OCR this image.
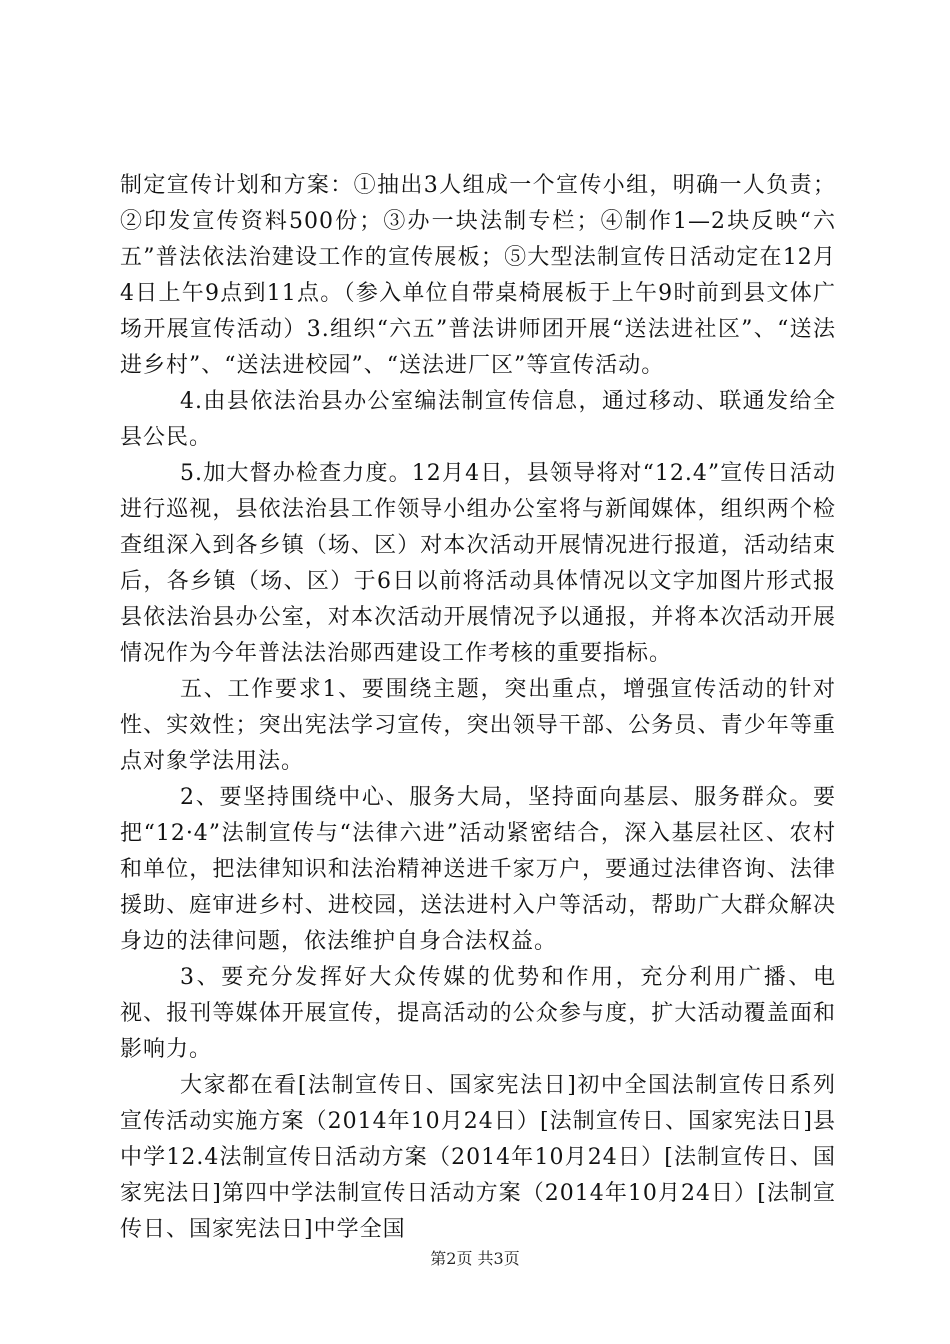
制定宣传计划和方案：①抽出3人组成一个宣传小组，明确一人负责；②印发宣传资料500份；③办一块法制专栏；④制作1—2块反映“六五”普法依法治建设工作的宣传展板；⑤大型法制宣传日活动定在12月4日上午9点到11点。（参入单位自带桌椅展板于上午9时前到县文体广场开展宣传活动）3.组织“六五”普法讲师团开展“送法进社区”、“送法进乡村”、“送法进校园”、“送法进厂区”等宣传活动。

4.由县依法治县办公室编法制宣传信息，通过移动、联通发给全县公民。

5.加大督办检查力度。12月4日，县领导将对“12.4”宣传日活动进行巡视，县依法治县工作领导小组办公室将与新闻媒体，组织两个检查组深入到各乡镇（场、区）对本次活动开展情况进行报道，活动结束后，各乡镇（场、区）于6日以前将活动具体情况以文字加图片形式报县依法治县办公室，对本次活动开展情况予以通报，并将本次活动开展情况作为今年普法法治郧西建设工作考核的重要指标。

五、工作要求1、要围绕主题，突出重点，增强宣传活动的针对性、实效性；突出宪法学习宣传，突出领导干部、公务员、青少年等重点对象学法用法。

2、要坚持围绕中心、服务大局，坚持面向基层、服务群众。要把“12·4”法制宣传与“法律六进”活动紧密结合，深入基层社区、农村和单位，把法律知识和法治精神送进千家万户，要通过法律咨询、法律援助、庭审进乡村、进校园，送法进村入户等活动，帮助广大群众解决身边的法律问题，依法维护自身合法权益。

3、要充分发挥好大众传媒的优势和作用，充分利用广播、电视、报刊等媒体开展宣传，提高活动的公众参与度，扩大活动覆盖面和影响力。

大家都在看[法制宣传日、国家宪法日]初中全国法制宣传日系列宣传活动实施方案（2014年10月24日）[法制宣传日、国家宪法日]县中学12.4法制宣传日活动方案（2014年10月24日）[法制宣传日、国家宪法日]第四中学法制宣传日活动方案（2014年10月24日）[法制宣传日、国家宪法日]中学全国

第2页 共3页
